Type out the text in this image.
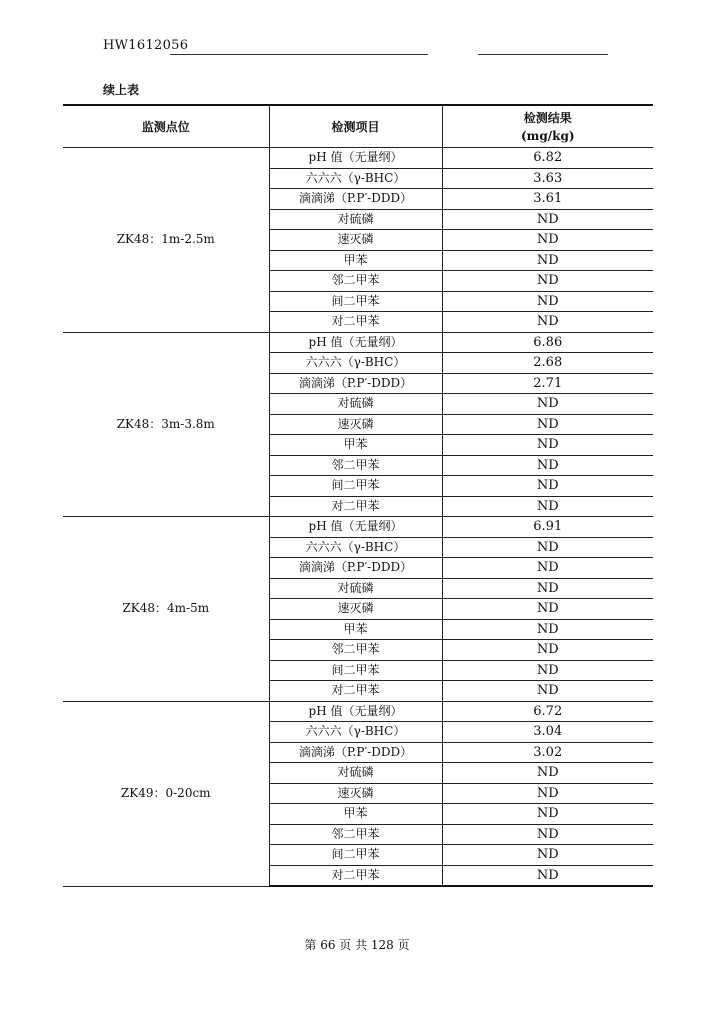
HW1612056
续上表
监测点位	检测项目	检测结果
(mg/kg)
ZK48：1m-2.5m	pH 值（无量纲）	6.82
	六六六（γ-BHC）	3.63
	滴滴涕（P.P′-DDD）	3.61
	对硫磷	ND
	速灭磷	ND
	甲苯	ND
	邻二甲苯	ND
	间二甲苯	ND
	对二甲苯	ND
ZK48：3m-3.8m	pH 值（无量纲）	6.86
	六六六（γ-BHC）	2.68
	滴滴涕（P.P′-DDD）	2.71
	对硫磷	ND
	速灭磷	ND
	甲苯	ND
	邻二甲苯	ND
	间二甲苯	ND
	对二甲苯	ND
ZK48：4m-5m	pH 值（无量纲）	6.91
	六六六（γ-BHC）	ND
	滴滴涕（P.P′-DDD）	ND
	对硫磷	ND
	速灭磷	ND
	甲苯	ND
	邻二甲苯	ND
	间二甲苯	ND
	对二甲苯	ND
ZK49：0-20cm	pH 值（无量纲）	6.72
	六六六（γ-BHC）	3.04
	滴滴涕（P.P′-DDD）	3.02
	对硫磷	ND
	速灭磷	ND
	甲苯	ND
	邻二甲苯	ND
	间二甲苯	ND
	对二甲苯	ND
第 66 页 共 128 页
